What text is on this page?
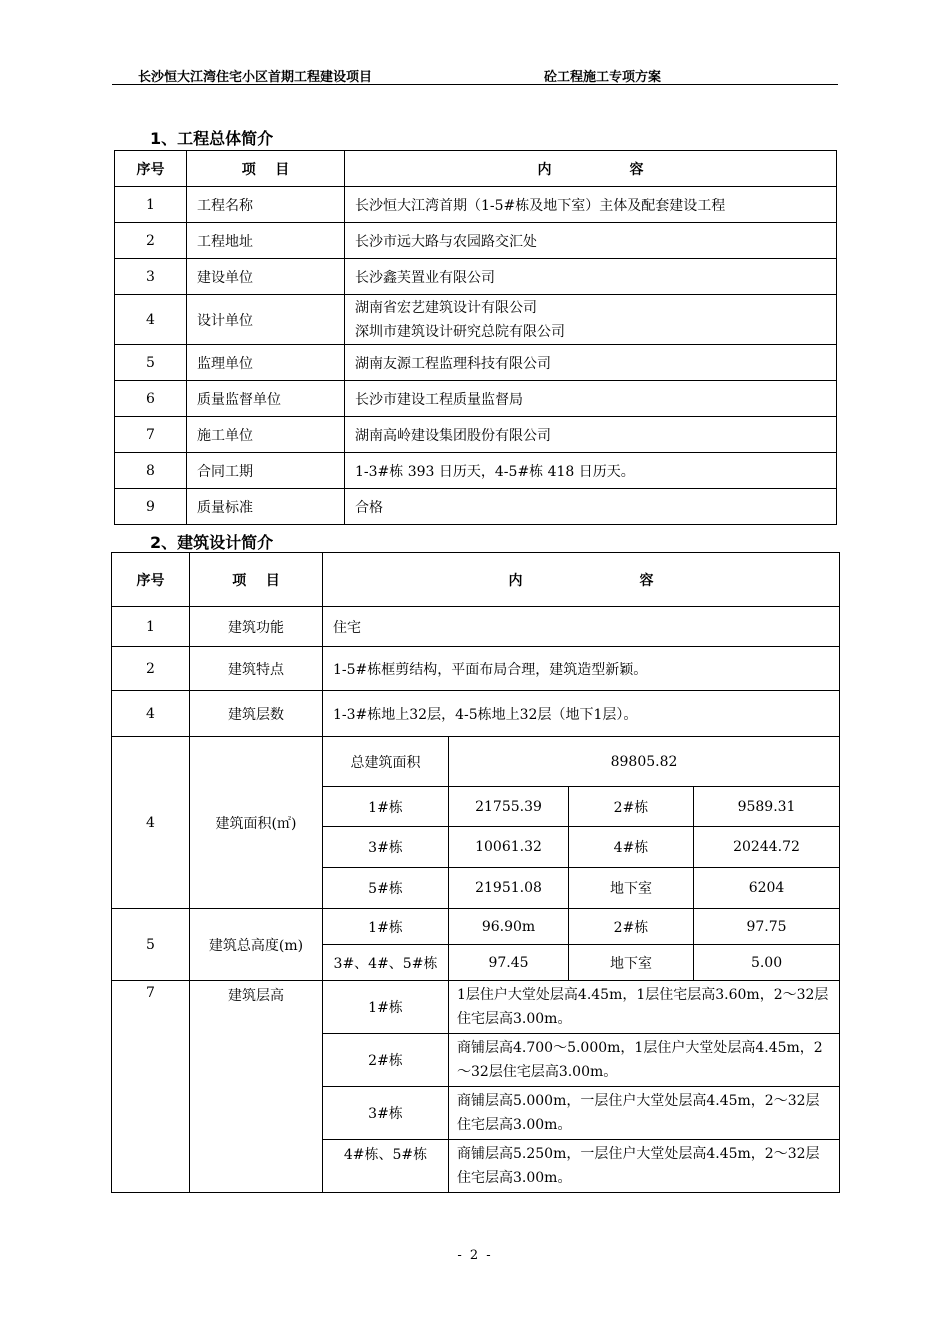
长沙恒大江湾住宅小区首期工程建设项目	砼工程施工专项方案
1、工程总体简介
序号	项    目	内                容
1	工程名称	长沙恒大江湾首期（1-5#栋及地下室）主体及配套建设工程
2	工程地址	长沙市远大路与农园路交汇处
3	建设单位	长沙鑫芙置业有限公司
4	设计单位	湖南省宏艺建筑设计有限公司
深圳市建筑设计研究总院有限公司

5	监理单位	湖南友源工程监理科技有限公司
6	质量监督单位	长沙市建设工程质量监督局
7	施工单位	湖南高岭建设集团股份有限公司
8	合同工期	1-3#栋 393 日历天，4-5#栋 418 日历天。
9	质量标准	合格
2、建筑设计简介
序号	项    目	内                        容			
1	建筑功能	住宅			
2	建筑特点	1-5#栋框剪结构，平面布局合理，建筑造型新颖。			
4	建筑层数	1-3#栋地上32层，4-5栋地上32层（地下1层）。			
4	建筑面积(㎡)	总建筑面积	89805.82		
		1#栋	21755.39	2#栋	9589.31
		3#栋	10061.32	4#栋	20244.72
		5#栋	21951.08	地下室	6204
5	建筑总高度(m)	1#栋	96.90m	2#栋	97.75
		3#、4#、5#栋	97.45	地下室	5.00
7	建筑层高	1#栋	1层住户大堂处层高4.45m，1层住宅层高3.60m，2～32层住宅层高3.00m。		
		2#栋	商铺层高4.700～5.000m，1层住户大堂处层高4.45m，2～32层住宅层高3.00m。		
		3#栋	商铺层高5.000m，一层住户大堂处层高4.45m，2～32层住宅层高3.00m。		
		4#栋、5#栋	商铺层高5.250m，一层住户大堂处层高4.45m，2～32层住宅层高3.00m。		
- 2 -
